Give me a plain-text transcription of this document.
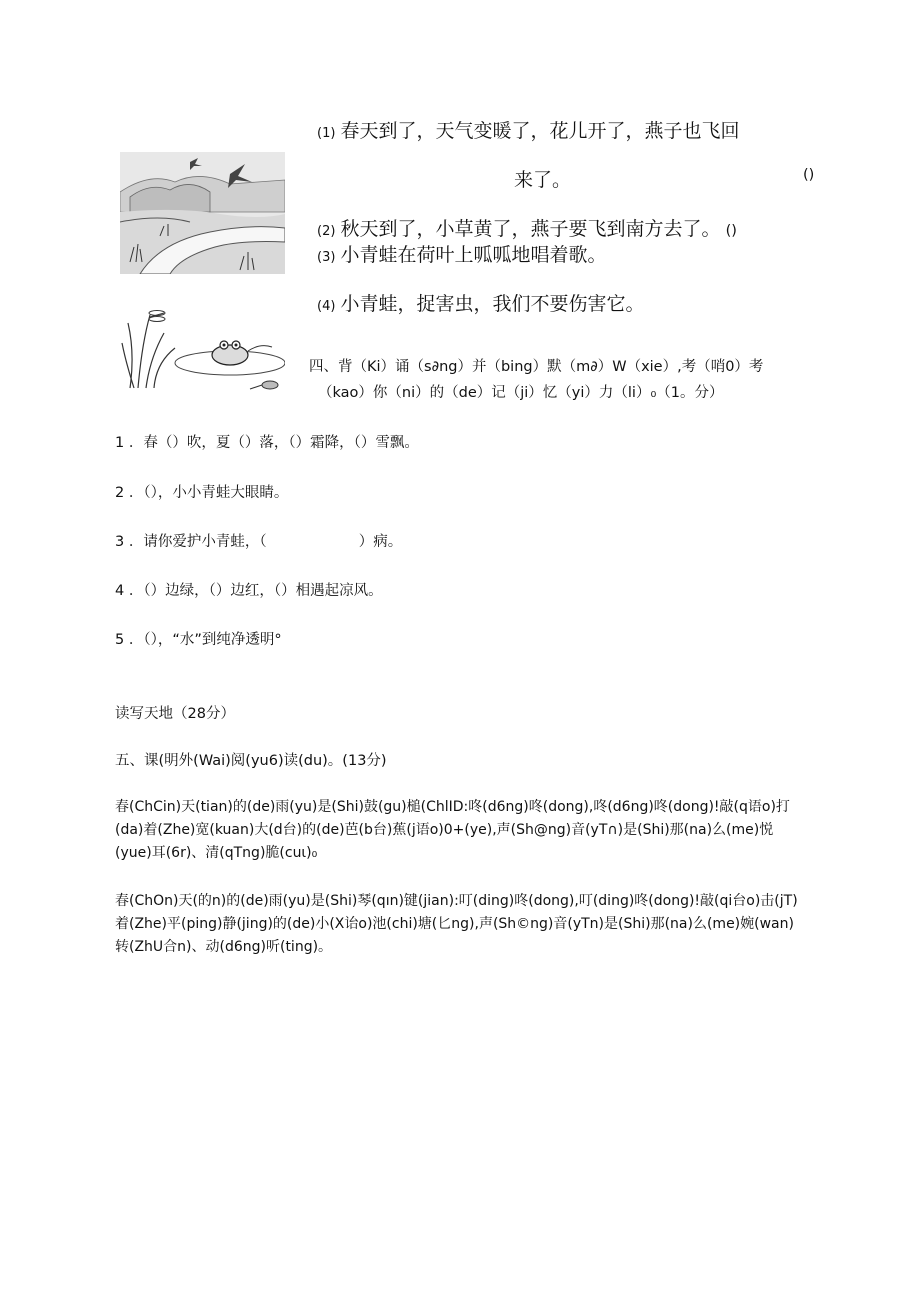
(1) 春天到了，天气变暖了，花儿开了，燕子也飞回
来了。	()
(2) 秋天到了，小草黄了，燕子要飞到南方去了。 ()
(3) 小青蛙在荷叶上呱呱地唱着歌。
(4) 小青蛙，捉害虫，我们不要伤害它。
四、背（Ki）诵（s∂ng）并（bing）默（m∂）W（xie）,考（哨0）考
（kao）你（ni）的（de）记（ji）忆（yi）力（li）₀（1。分）
1 ．春（）吹，夏（）落，（）霜降，（）雪飘。
2 ．（），小小青蛙大眼睛。
3 ．请你爱护小青蛙，（                    ）病。
4 ．（）边绿，（）边红，（）相遇起凉风。
5 ．（），“水”到纯净透明°
读写天地（28分）
五、课(明外(Wai)阅(yu6)读(du)。(13分)
春(ChCin)天(tian)的(de)雨(yu)是(Shi)鼓(gu)槌(ChlID:咚(d6ng)咚(dong),咚(d6ng)咚(dong)!敲(q语o)打(da)着(Zhe)宽(kuan)大(d台)的(de)芭(b台)蕉(j语o)0+(ye),声(Sh@ng)音(yT∩)是(Shi)那(na)么(me)悦(yue)耳(6r)、清(qTng)脆(cuι)₀
春(ChOn)天(的n)的(de)雨(yu)是(Shi)琴(qın)键(jian):叮(ding)咚(dong),叮(ding)咚(dong)!敲(qi台o)击(jT)着(Zhe)平(ping)静(jing)的(de)小(X诒o)池(chi)塘(匕ng),声(Sh©ng)音(yTn)是(Shi)那(na)么(me)婉(wan)转(ZhU合n)、动(d6ng)听(ting)。
